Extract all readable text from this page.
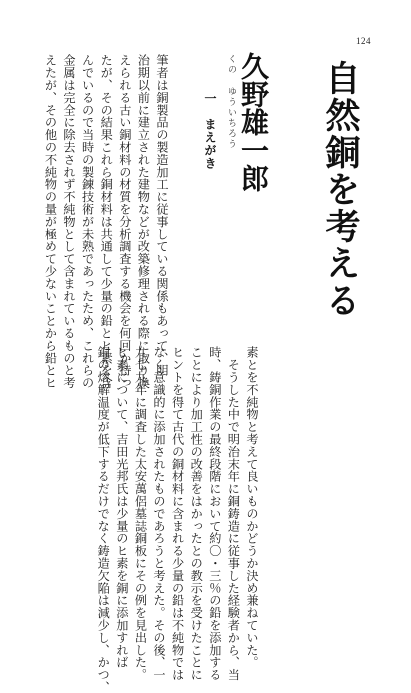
124
自然銅を考える
久野雄一郎
くの ゆういちろう
一　まえがき
筆者は銅製品の製造加工に従事している関係もあって、明
治期以前に建立された建物などが改築修理される際に取り換
えられる古い銅材料の材質を分析調査する機会を何回か持っ
たが、その結果これら銅材料は共通して少量の鉛とヒ素を含
んでいるので当時の製錬技術が未熟であったため、これらの
金属は完全に除去されず不純物として含まれているものと考
えたが、その他の不純物の量が極めて少ないことから鉛とヒ
素とを不純物と考えて良いものかどうか決め兼ねていた。
　そうした中で明治末年に銅鋳造に従事した経験者から、当
時、鋳銅作業の最終段階において約〇・三％の鉛を添加する
ことにより加工性の改善をはかったとの教示を受けたことに
ヒントを得て古代の銅材料に含まれる少量の鉛は不純物では
なく意識的に添加されたものであろうと考えた。その後、一
九七九年に調査した太安萬侶墓誌銅板にその例を見出した。
ヒ素について、吉田光邦氏は少量のヒ素を銅に添加すれば
銅の熔解温度が低下するだけでなく鋳造欠陥は減少し、かつ、
